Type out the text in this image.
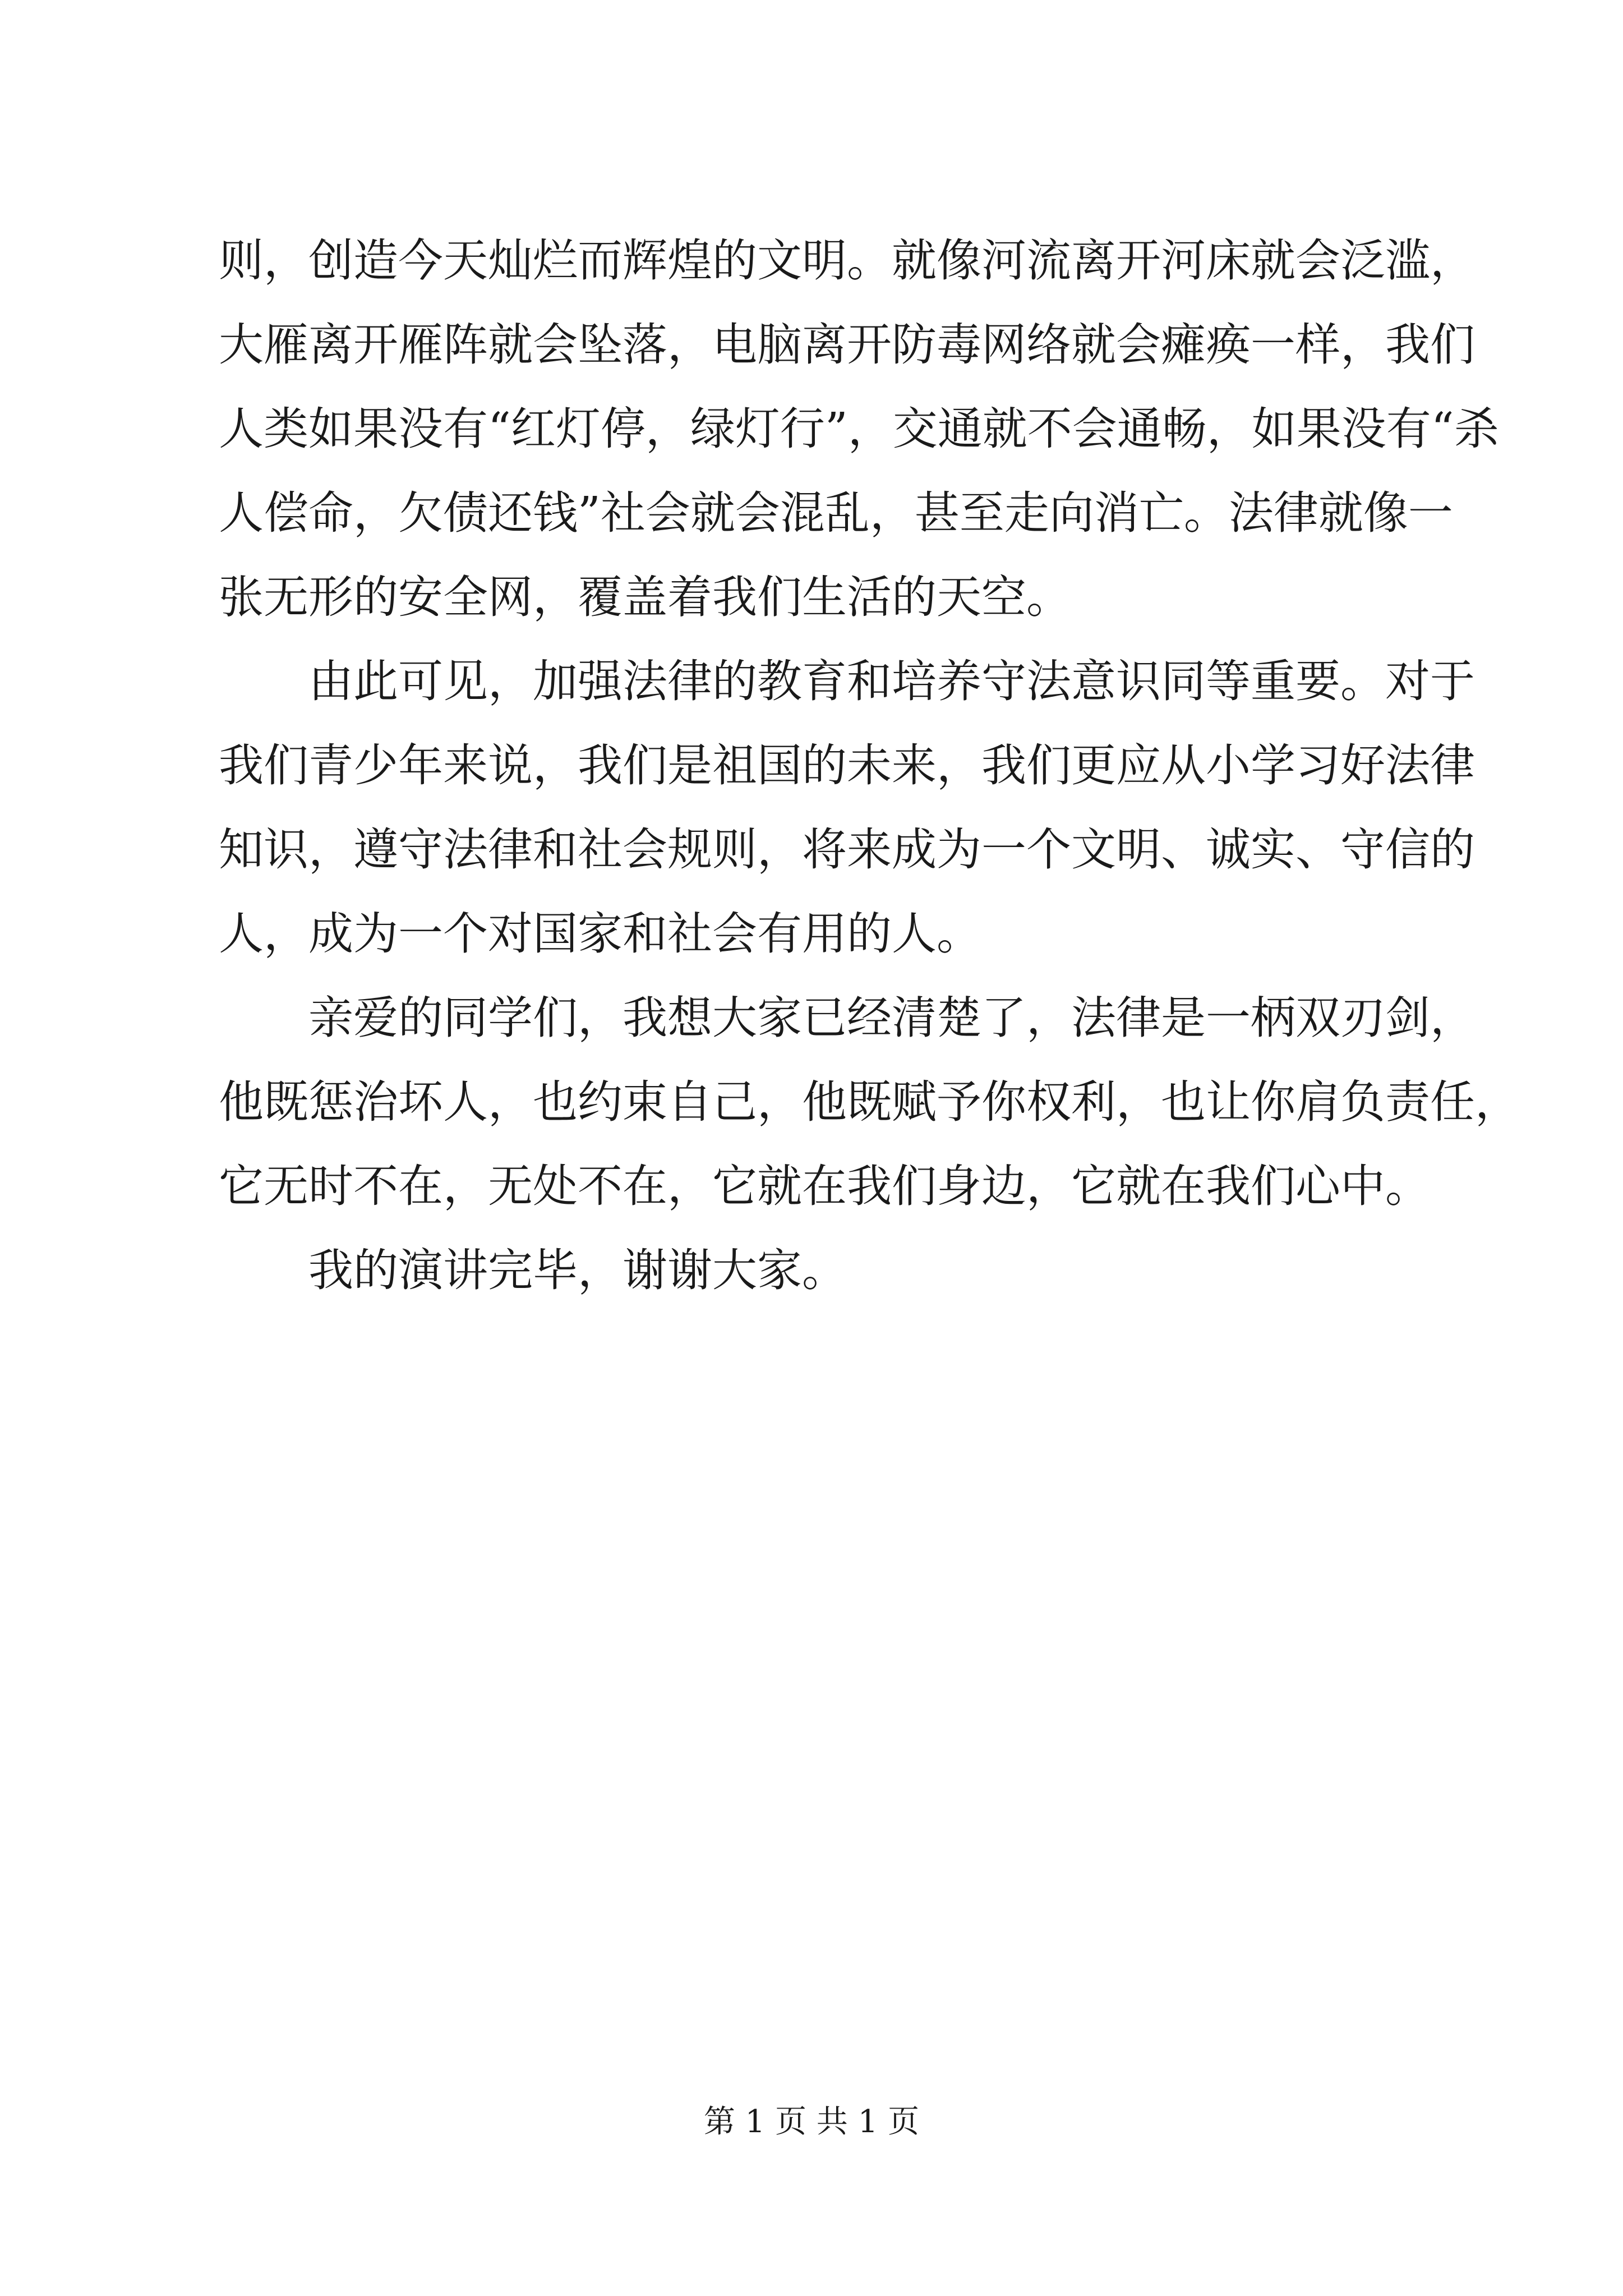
则，创造今天灿烂而辉煌的文明。就像河流离开河床就会泛滥，
大雁离开雁阵就会坠落，电脑离开防毒网络就会瘫痪一样，我们
人类如果没有“红灯停，绿灯行”，交通就不会通畅，如果没有“杀
人偿命，欠债还钱”社会就会混乱，甚至走向消亡。法律就像一
张无形的安全网，覆盖着我们生活的天空。
由此可见，加强法律的教育和培养守法意识同等重要。对于
我们青少年来说，我们是祖国的未来，我们更应从小学习好法律
知识，遵守法律和社会规则，将来成为一个文明、诚实、守信的
人，成为一个对国家和社会有用的人。
亲爱的同学们，我想大家已经清楚了，法律是一柄双刃剑，
他既惩治坏人，也约束自己，他既赋予你权利，也让你肩负责任，
它无时不在，无处不在，它就在我们身边，它就在我们心中。
我的演讲完毕，谢谢大家。
第 1 页 共 1 页
